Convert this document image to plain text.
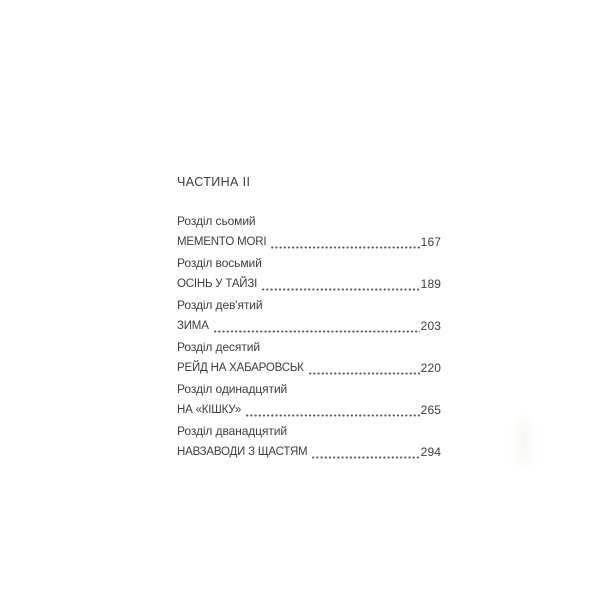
ЧАСТИНА II
Розділ сьомий
MEMENTO MORI	167
Розділ восьмий
ОСІНЬ У ТАЙЗІ	189
Розділ дев'ятий
ЗИМА	203
Розділ десятий
РЕЙД НА ХАБАРОВСЬК	220
Розділ одинадцятий
НА «КІШКУ»	265
Розділ дванадцятий
НАВЗАВОДИ З ЩАСТЯМ	294
